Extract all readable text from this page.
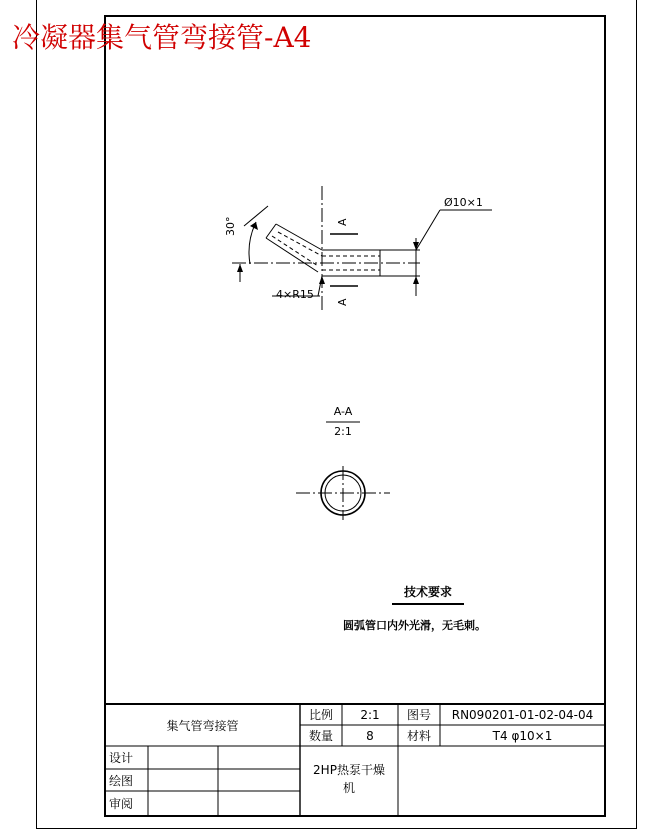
冷凝器集气管弯接管-A4
Ø10×1
30°
4×R15
A
A
A-A
2:1
技术要求
圆弧管口内外光滑，无毛刺。
集气管弯接管
比例	2:1	图号	RN090201-01-02-04-04
数量	8	材料	T4 φ10×1
设计
绘图
审阅
2HP热泵干燥
机
